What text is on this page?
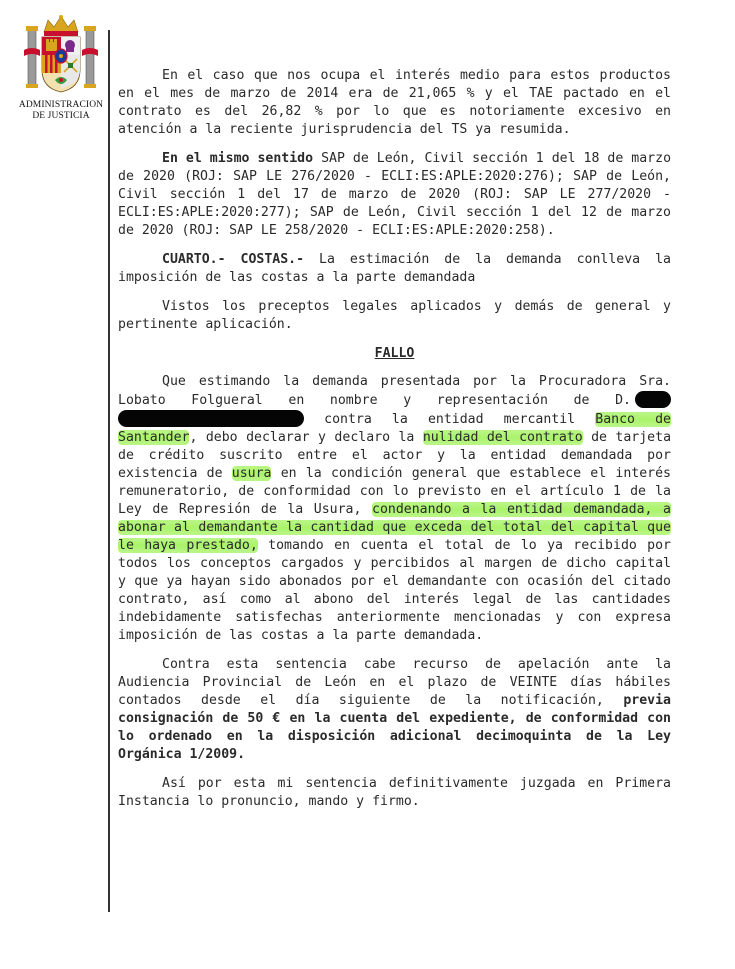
ADMINISTRACION
DE JUSTICIA

En el caso que nos ocupa el interés medio para estos productos en el mes de marzo de 2014 era de 21,065 % y el TAE pactado en el contrato es del 26,82 % por lo que es notoriamente excesivo en atención a la reciente jurisprudencia del TS ya resumida.

En el mismo sentido SAP de León, Civil sección 1 del 18 de marzo de 2020 (ROJ: SAP LE 276/2020 - ECLI:ES:APLE:2020:276); SAP de León, Civil sección 1 del 17 de marzo de 2020 (ROJ: SAP LE 277/2020 - ECLI:ES:APLE:2020:277); SAP de León, Civil sección 1 del 12 de marzo de 2020 (ROJ: SAP LE 258/2020 - ECLI:ES:APLE:2020:258).

CUARTO.- COSTAS.- La estimación de la demanda conlleva la imposición de las costas a la parte demandada

Vistos los preceptos legales aplicados y demás de general y pertinente aplicación.

FALLO

Que estimando la demanda presentada por la Procuradora Sra. Lobato Folgueral en nombre y representación de D.  contra la entidad mercantil Banco de Santander, debo declarar y declaro la nulidad del contrato de tarjeta de crédito suscrito entre el actor y la entidad demandada por existencia de usura en la condición general que establece el interés remuneratorio, de conformidad con lo previsto en el artículo 1 de la Ley de Represión de la Usura, condenando a la entidad demandada, a abonar al demandante la cantidad que exceda del total del capital que le haya prestado, tomando en cuenta el total de lo ya recibido por todos los conceptos cargados y percibidos al margen de dicho capital y que ya hayan sido abonados por el demandante con ocasión del citado contrato, así como al abono del interés legal de las cantidades indebidamente satisfechas anteriormente mencionadas y con expresa imposición de las costas a la parte demandada.

Contra esta sentencia cabe recurso de apelación ante la Audiencia Provincial de León en el plazo de VEINTE días hábiles contados desde el día siguiente de la notificación, previa consignación de 50 € en la cuenta del expediente, de conformidad con lo ordenado en la disposición adicional decimoquinta de la Ley Orgánica 1/2009.

Así por esta mi sentencia definitivamente juzgada en Primera Instancia lo pronuncio, mando y firmo.
